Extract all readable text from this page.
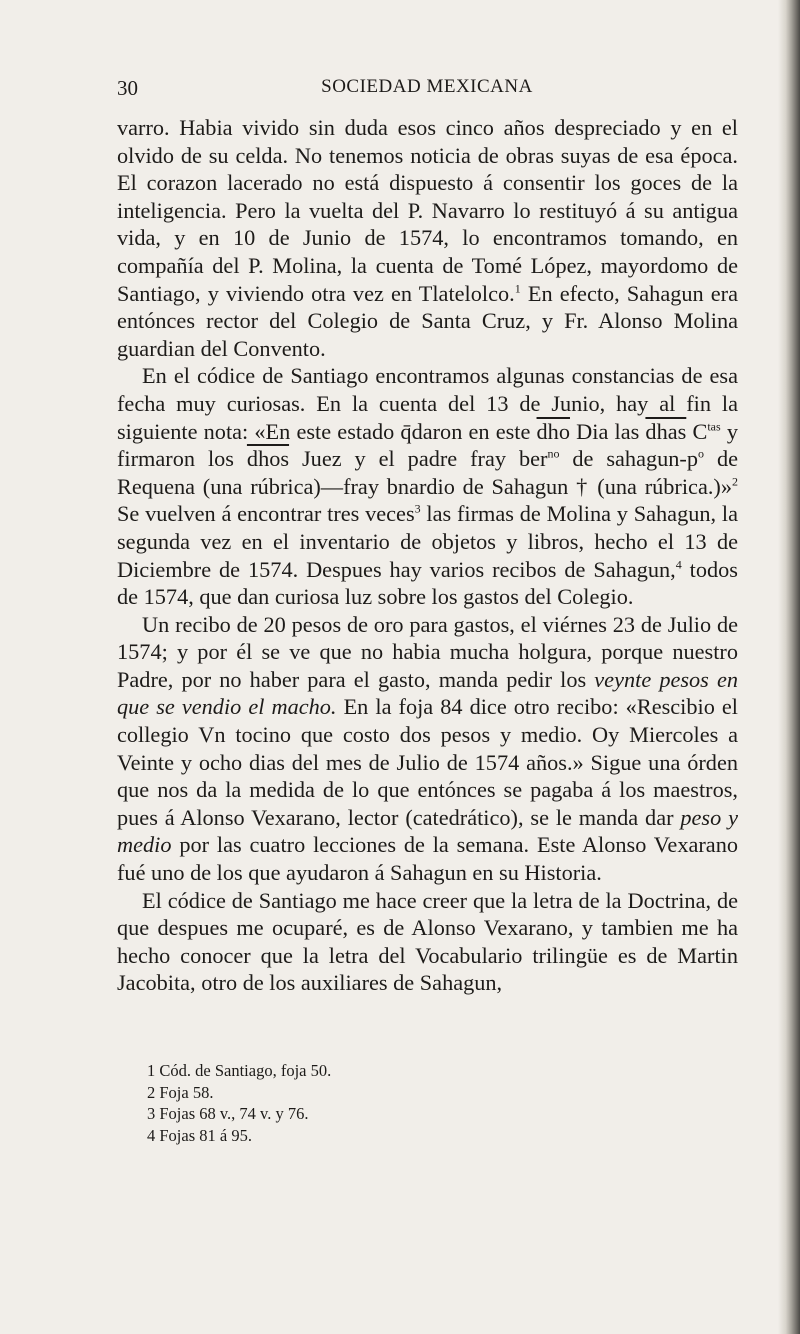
30	SOCIEDAD MEXICANA

varro. Habia vivido sin duda esos cinco años despreciado y en el olvido de su celda. No tenemos noticia de obras suyas de esa época. El corazon lacerado no está dispuesto á consentir los goces de la inteligencia. Pero la vuelta del P. Navarro lo restituyó á su antigua vida, y en 10 de Junio de 1574, lo encontramos tomando, en compañía del P. Molina, la cuenta de Tomé López, mayordomo de Santiago, y viviendo otra vez en Tlatelolco.$^1$ En efecto, Sahagun era entónces rector del Colegio de Santa Cruz, y Fr. Alonso Molina guardian del Convento.

En el códice de Santiago encontramos algunas constancias de esa fecha muy curiosas. En la cuenta del 13 de Junio, hay al fin la siguiente nota: «En este estado q̄daron en este $\overline{dho}$ Dia las dhas $C^{tas}$ y firmaron los dhos Juez y el padre fray ber$^{no}$ de sahagun-$p^o$ de Requena (una rúbrica)—fray bnardio de Sahagun † (una rúbrica.)»$^2$ Se vuelven á encontrar tres veces$^3$ las firmas de Molina y Sahagun, la segunda vez en el inventario de objetos y libros, hecho el 13 de Diciembre de 1574. Despues hay varios recibos de Sahagun,$^4$ todos de 1574, que dan curiosa luz sobre los gastos del Colegio.

Un recibo de 20 pesos de oro para gastos, el viérnes 23 de Julio de 1574; y por él se ve que no habia mucha holgura, porque nuestro Padre, por no haber para el gasto, manda pedir los veynte pesos en que se vendio el macho. En la foja 84 dice otro recibo: «Rescibio el collegio Vn tocino que costo dos pesos y medio. Oy Miercoles a Veinte y ocho dias del mes de Julio de 1574 años.» Sigue una órden que nos da la medida de lo que entónces se pagaba á los maestros, pues á Alonso Vexarano, lector (catedrático), se le manda dar peso y medio por las cuatro lecciones de la semana. Este Alonso Vexarano fué uno de los que ayudaron á Sahagun en su Historia.

El códice de Santiago me hace creer que la letra de la Doctrina, de que despues me ocuparé, es de Alonso Vexarano, y tambien me ha hecho conocer que la letra del Vocabulario trilingüe es de Martin Jacobita, otro de los auxiliares de Sahagun,

1 Cód. de Santiago, foja 50.
2 Foja 58.
3 Fojas 68 v., 74 v. y 76.
4 Fojas 81 á 95.
